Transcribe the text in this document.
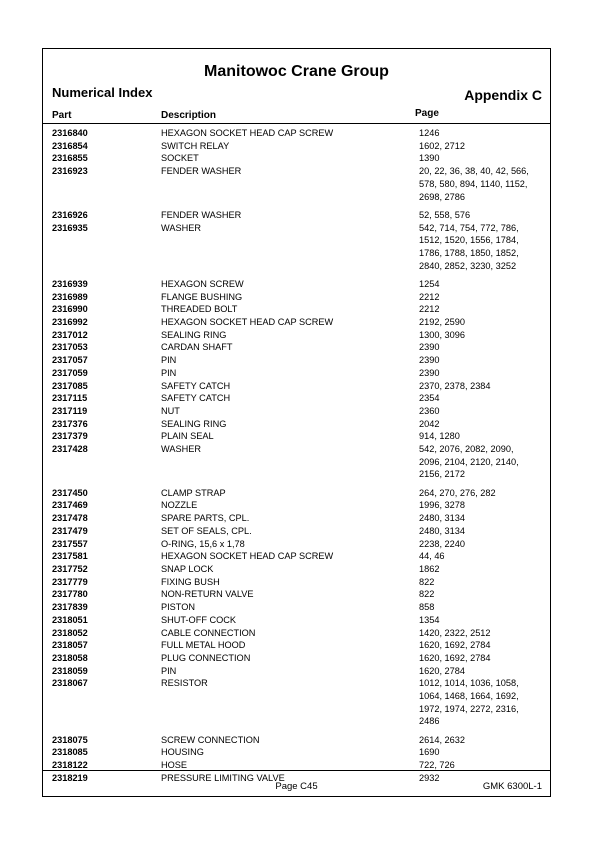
Manitowoc Crane Group
Numerical Index	Appendix C
Part	Description	Page
2316840	HEXAGON SOCKET HEAD CAP SCREW	1246
2316854	SWITCH RELAY	1602, 2712
2316855	SOCKET	1390
2316923	FENDER WASHER	20, 22, 36, 38, 40, 42, 566,
578, 580, 894, 1140, 1152,
2698, 2786
2316926	FENDER WASHER	52, 558, 576
2316935	WASHER	542, 714, 754, 772, 786,
1512, 1520, 1556, 1784,
1786, 1788, 1850, 1852,
2840, 2852, 3230, 3252
2316939	HEXAGON SCREW	1254
2316989	FLANGE BUSHING	2212
2316990	THREADED BOLT	2212
2316992	HEXAGON SOCKET HEAD CAP SCREW	2192, 2590
2317012	SEALING RING	1300, 3096
2317053	CARDAN SHAFT	2390
2317057	PIN	2390
2317059	PIN	2390
2317085	SAFETY CATCH	2370, 2378, 2384
2317115	SAFETY CATCH	2354
2317119	NUT	2360
2317376	SEALING RING	2042
2317379	PLAIN SEAL	914, 1280
2317428	WASHER	542, 2076, 2082, 2090,
2096, 2104, 2120, 2140,
2156, 2172
2317450	CLAMP STRAP	264, 270, 276, 282
2317469	NOZZLE	1996, 3278
2317478	SPARE PARTS, CPL.	2480, 3134
2317479	SET OF SEALS, CPL.	2480, 3134
2317557	O-RING, 15,6 x 1,78	2238, 2240
2317581	HEXAGON SOCKET HEAD CAP SCREW	44, 46
2317752	SNAP LOCK	1862
2317779	FIXING BUSH	822
2317780	NON-RETURN VALVE	822
2317839	PISTON	858
2318051	SHUT-OFF COCK	1354
2318052	CABLE CONNECTION	1420, 2322, 2512
2318057	FULL METAL HOOD	1620, 1692, 2784
2318058	PLUG CONNECTION	1620, 1692, 2784
2318059	PIN	1620, 2784
2318067	RESISTOR	1012, 1014, 1036, 1058,
1064, 1468, 1664, 1692,
1972, 1974, 2272, 2316,
2486
2318075	SCREW CONNECTION	2614, 2632
2318085	HOUSING	1690
2318122	HOSE	722, 726
2318219	PRESSURE LIMITING VALVE	2932
Page C45	GMK 6300L-1
